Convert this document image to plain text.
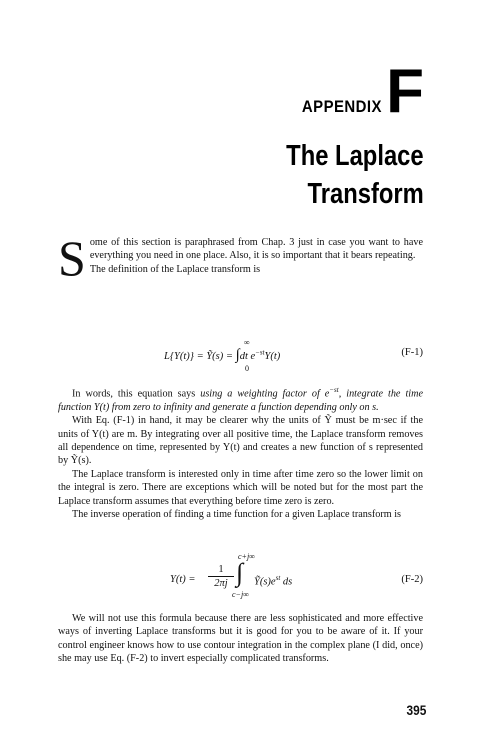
APPENDIX F
The Laplace
Transform
S ome of this section is paraphrased from Chap. 3 just in case you want to have everything you need in one place. Also, it is so important that it bears repeating.

The definition of the Laplace transform is

∞
L{Y(t)} = Ỹ(s) = ∫dt $e^{-st}Y(t)$
0
(F-1)

In words, this equation says using a weighting factor of $e^{-st}$, integrate the time function Y(t) from zero to infinity and generate a function depending only on s.

With Eq. (F-1) in hand, it may be clearer why the units of Ỹ must be m·sec if the units of Y(t) are m. By integrating over all positive time, the Laplace transform removes all dependence on time, represented by Y(t) and creates a new function of s represented by Ỹ(s).

The Laplace transform is interested only in time after time zero so the lower limit on the integral is zero. There are exceptions which will be noted but for the most part the Laplace transform assumes that everything before time zero is zero.

The inverse operation of finding a time function for a given Laplace transform is

$Y(t) = \frac{1}{2\pi j}$
c+j∞
∫
c−j∞
$Ỹ(s)e^{st}$ ds	(F-2)

We will not use this formula because there are less sophisticated and more effective ways of inverting Laplace transforms but it is good for you to be aware of it. If your control engineer knows how to use contour integration in the complex plane (I did, once) she may use Eq. (F-2) to invert especially complicated transforms.

395
